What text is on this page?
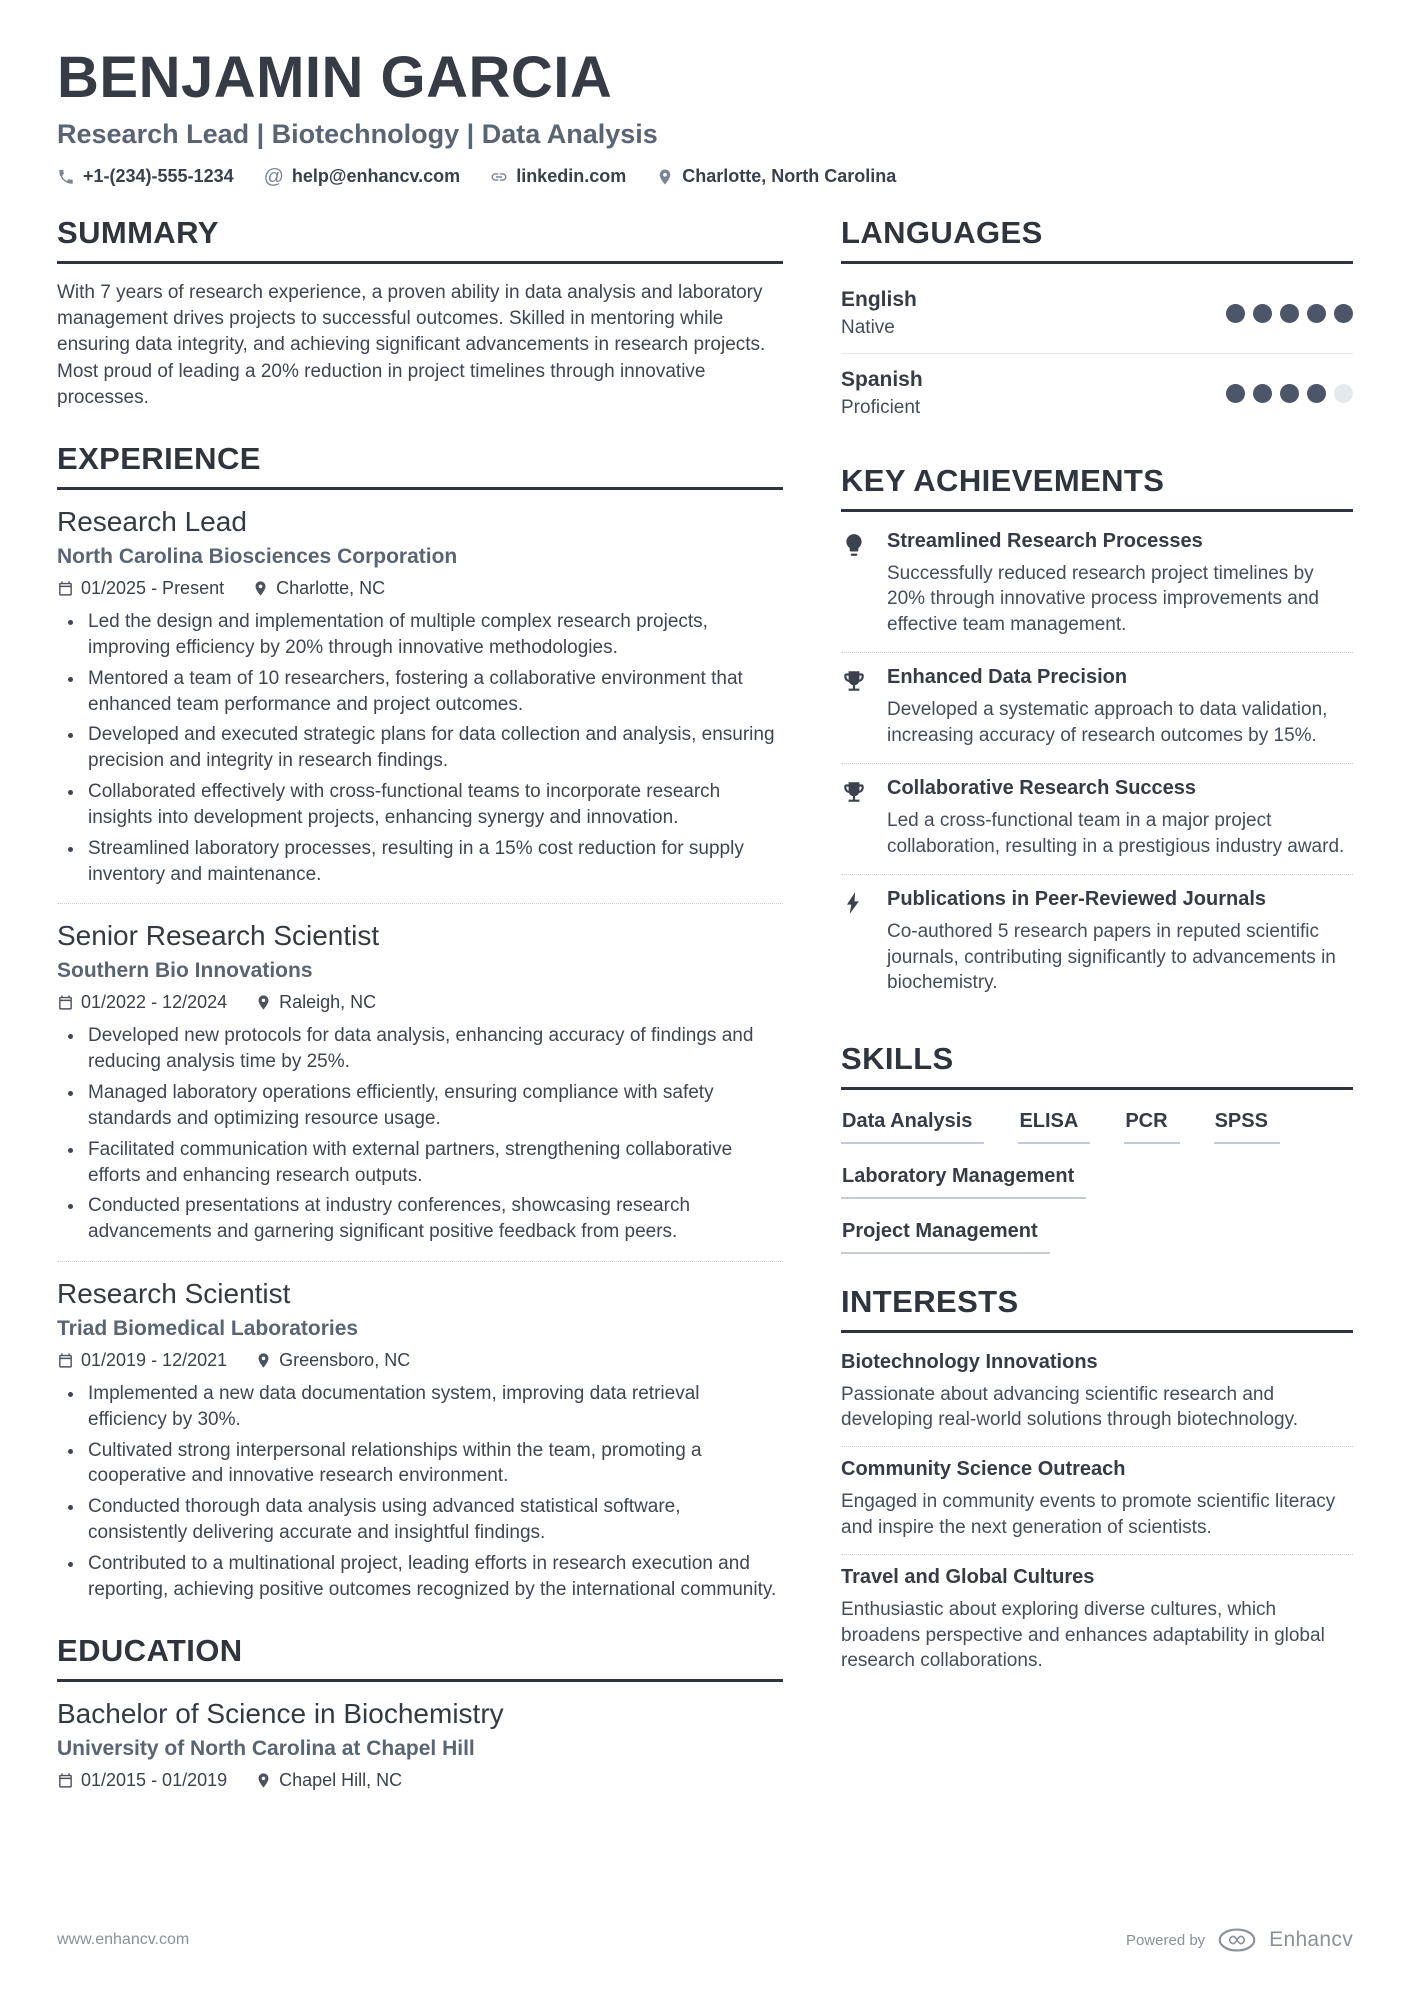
BENJAMIN GARCIA
Research Lead | Biotechnology | Data Analysis
+1-(234)-555-1234 @ help@enhancv.com	linkedin.com	Charlotte, North Carolina
SUMMARY

With 7 years of research experience, a proven ability in data analysis and laboratory management drives projects to successful outcomes. Skilled in mentoring while ensuring data integrity, and achieving significant advancements in research projects. Most proud of leading a 20% reduction in project timelines through innovative processes.

EXPERIENCE
Research Lead
North Carolina Biosciences Corporation
01/2025 - Present	Charlotte, NC
• Led the design and implementation of multiple complex research projects, improving efficiency by 20% through innovative methodologies.
• Mentored a team of 10 researchers, fostering a collaborative environment that enhanced team performance and project outcomes.
• Developed and executed strategic plans for data collection and analysis, ensuring precision and integrity in research findings.
• Collaborated effectively with cross-functional teams to incorporate research insights into development projects, enhancing synergy and innovation.
• Streamlined laboratory processes, resulting in a 15% cost reduction for supply inventory and maintenance.
Senior Research Scientist
Southern Bio Innovations
01/2022 - 12/2024	Raleigh, NC
• Developed new protocols for data analysis, enhancing accuracy of findings and reducing analysis time by 25%.
• Managed laboratory operations efficiently, ensuring compliance with safety standards and optimizing resource usage.
• Facilitated communication with external partners, strengthening collaborative efforts and enhancing research outputs.
• Conducted presentations at industry conferences, showcasing research advancements and garnering significant positive feedback from peers.
Research Scientist
Triad Biomedical Laboratories
01/2019 - 12/2021	Greensboro, NC
• Implemented a new data documentation system, improving data retrieval efficiency by 30%.
• Cultivated strong interpersonal relationships within the team, promoting a cooperative and innovative research environment.
• Conducted thorough data analysis using advanced statistical software, consistently delivering accurate and insightful findings.
• Contributed to a multinational project, leading efforts in research execution and reporting, achieving positive outcomes recognized by the international community.
EDUCATION
Bachelor of Science in Biochemistry
University of North Carolina at Chapel Hill
01/2015 - 01/2019	Chapel Hill, NC
LANGUAGES
English
Native
Spanish
Proficient
KEY ACHIEVEMENTS
Streamlined Research Processes
Successfully reduced research project timelines by 20% through innovative process improvements and effective team management.
Enhanced Data Precision
Developed a systematic approach to data validation, increasing accuracy of research outcomes by 15%.
Collaborative Research Success
Led a cross-functional team in a major project collaboration, resulting in a prestigious industry award.
Publications in Peer-Reviewed Journals
Co-authored 5 research papers in reputed scientific journals, contributing significantly to advancements in biochemistry.
SKILLS
Data Analysis	ELISA	PCR	SPSS
Laboratory Management
Project Management
INTERESTS
Biotechnology Innovations
Passionate about advancing scientific research and developing real-world solutions through biotechnology.
Community Science Outreach
Engaged in community events to promote scientific literacy and inspire the next generation of scientists.
Travel and Global Cultures
Enthusiastic about exploring diverse cultures, which broadens perspective and enhances adaptability in global research collaborations.
www.enhancv.com	Powered by	Enhancv
